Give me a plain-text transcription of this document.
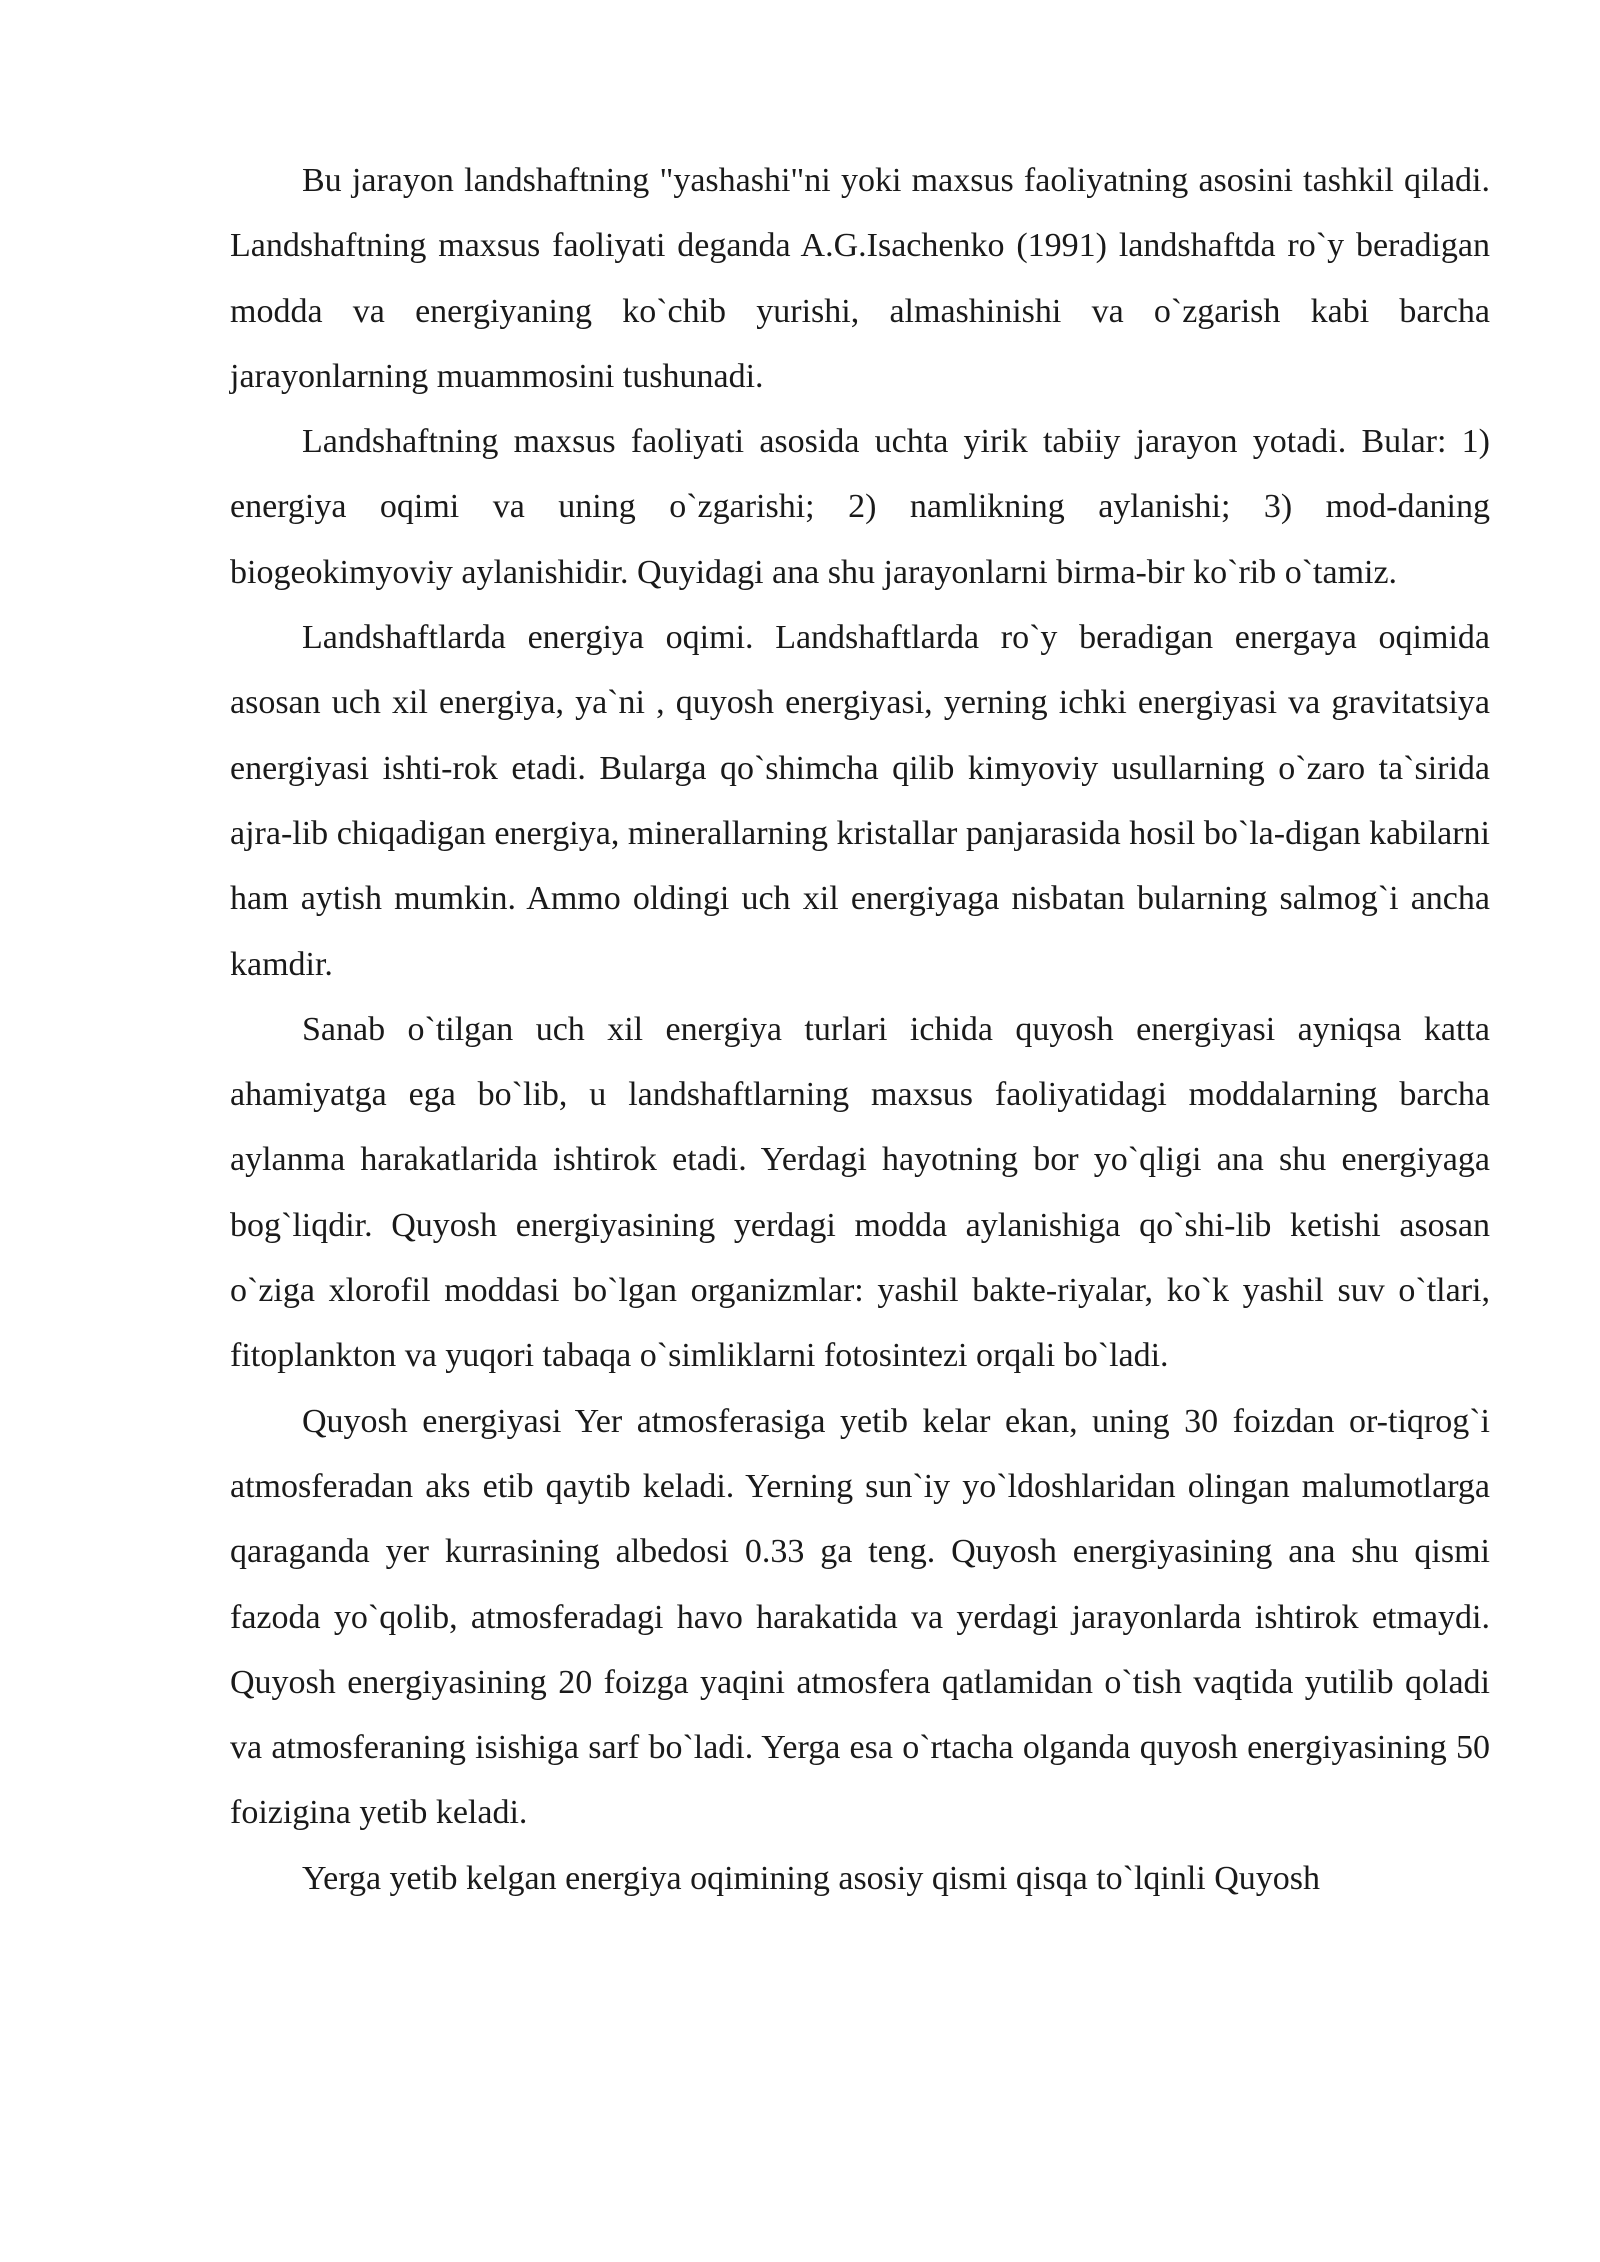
Bu jarayon landshaftning "yashashi"ni yoki maxsus faoliyatning asosini tashkil qiladi. Landshaftning maxsus faoliyati deganda A.G.Isachenko (1991) landshaftda ro`y beradigan modda va energiyaning ko`chib yurishi, almashinishi va o`zgarish kabi barcha jarayonlarning muammosini tushunadi.

Landshaftning maxsus faoliyati asosida uchta yirik tabiiy jarayon yotadi. Bular: 1) energiya oqimi va uning o`zgarishi; 2) namlikning aylanishi; 3) mod-daning biogeokimyoviy aylanishidir. Quyidagi ana shu jarayonlarni birma-bir ko`rib o`tamiz.

Landshaftlarda energiya oqimi. Landshaftlarda ro`y beradigan energaya oqimida asosan uch xil energiya, ya`ni , quyosh energiyasi, yerning ichki energiyasi va gravitatsiya energiyasi ishti-rok etadi. Bularga qo`shimcha qilib kimyoviy usullarning o`zaro ta`sirida ajra-lib chiqadigan energiya, minerallarning kristallar panjarasida hosil bo`la-digan kabilarni ham aytish mumkin. Ammo oldingi uch xil energiyaga nisbatan bularning salmog`i ancha kamdir.

Sanab o`tilgan uch xil energiya turlari ichida quyosh energiyasi ayniqsa katta ahamiyatga ega bo`lib, u landshaftlarning maxsus faoliyatidagi moddalarning barcha aylanma harakatlarida ishtirok etadi. Yerdagi hayotning bor yo`qligi ana shu energiyaga bog`liqdir. Quyosh energiyasining yerdagi modda aylanishiga qo`shi-lib ketishi asosan o`ziga xlorofil moddasi bo`lgan organizmlar: yashil bakte-riyalar, ko`k yashil suv o`tlari, fitoplankton va yuqori tabaqa o`simliklarni fotosintezi orqali bo`ladi.

Quyosh energiyasi Yer atmosferasiga yetib kelar ekan, uning 30 foizdan or-tiqrog`i atmosferadan aks etib qaytib keladi. Yerning sun`iy yo`ldoshlaridan olingan malumotlarga qaraganda yer kurrasining albedosi 0.33 ga teng. Quyosh energiyasining ana shu qismi fazoda yo`qolib, atmosferadagi havo harakatida va yerdagi jarayonlarda ishtirok etmaydi. Quyosh energiyasining 20 foizga yaqini atmosfera qatlamidan o`tish vaqtida yutilib qoladi va atmosferaning isishiga sarf bo`ladi. Yerga esa o`rtacha olganda quyosh energiyasining 50 foizigina yetib keladi.

Yerga yetib kelgan energiya oqimining asosiy qismi qisqa to`lqinli Quyosh
